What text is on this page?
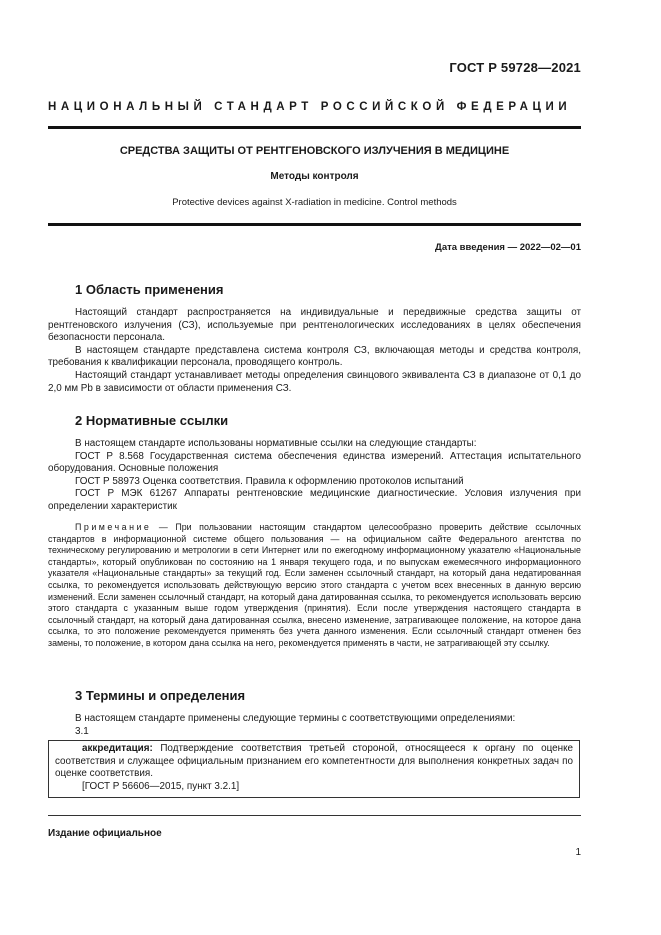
ГОСТ Р 59728—2021
НАЦИОНАЛЬНЫЙ СТАНДАРТ РОССИЙСКОЙ ФЕДЕРАЦИИ
СРЕДСТВА ЗАЩИТЫ ОТ РЕНТГЕНОВСКОГО ИЗЛУЧЕНИЯ В МЕДИЦИНЕ
Методы контроля
Protective devices against X-radiation in medicine. Control methods
Дата введения — 2022—02—01

1 Область применения

Настоящий стандарт распространяется на индивидуальные и передвижные средства защиты от рентгеновского излучения (СЗ), используемые при рентгенологических исследованиях в целях обеспечения безопасности персонала.

В настоящем стандарте представлена система контроля СЗ, включающая методы и средства контроля, требования к квалификации персонала, проводящего контроль.

Настоящий стандарт устанавливает методы определения свинцового эквивалента СЗ в диапазоне от 0,1 до 2,0 мм Pb в зависимости от области применения СЗ.

2 Нормативные ссылки

В настоящем стандарте использованы нормативные ссылки на следующие стандарты:

ГОСТ Р 8.568 Государственная система обеспечения единства измерений. Аттестация испытательного оборудования. Основные положения

ГОСТ Р 58973 Оценка соответствия. Правила к оформлению протоколов испытаний

ГОСТ Р МЭК 61267 Аппараты рентгеновские медицинские диагностические. Условия излучения при определении характеристик

Примечание — При пользовании настоящим стандартом целесообразно проверить действие ссылочных стандартов в информационной системе общего пользования — на официальном сайте Федерального агентства по техническому регулированию и метрологии в сети Интернет или по ежегодному информационному указателю «Национальные стандарты», который опубликован по состоянию на 1 января текущего года, и по выпускам ежемесячного информационного указателя «Национальные стандарты» за текущий год. Если заменен ссылочный стандарт, на который дана недатированная ссылка, то рекомендуется использовать действующую версию этого стандарта с учетом всех внесенных в данную версию изменений. Если заменен ссылочный стандарт, на который дана датированная ссылка, то рекомендуется использовать версию этого стандарта с указанным выше годом утверждения (принятия). Если после утверждения настоящего стандарта в ссылочный стандарт, на который дана датированная ссылка, внесено изменение, затрагивающее положение, на которое дана ссылка, то это положение рекомендуется применять без учета данного изменения. Если ссылочный стандарт отменен без замены, то положение, в котором дана ссылка на него, рекомендуется применять в части, не затрагивающей эту ссылку.

3 Термины и определения

В настоящем стандарте применены следующие термины с соответствующими определениями:

3.1

аккредитация: Подтверждение соответствия третьей стороной, относящееся к органу по оценке соответствия и служащее официальным признанием его компетентности для выполнения конкретных задач по оценке соответствия.

[ГОСТ Р 56606—2015, пункт 3.2.1]

Издание официальное
1
